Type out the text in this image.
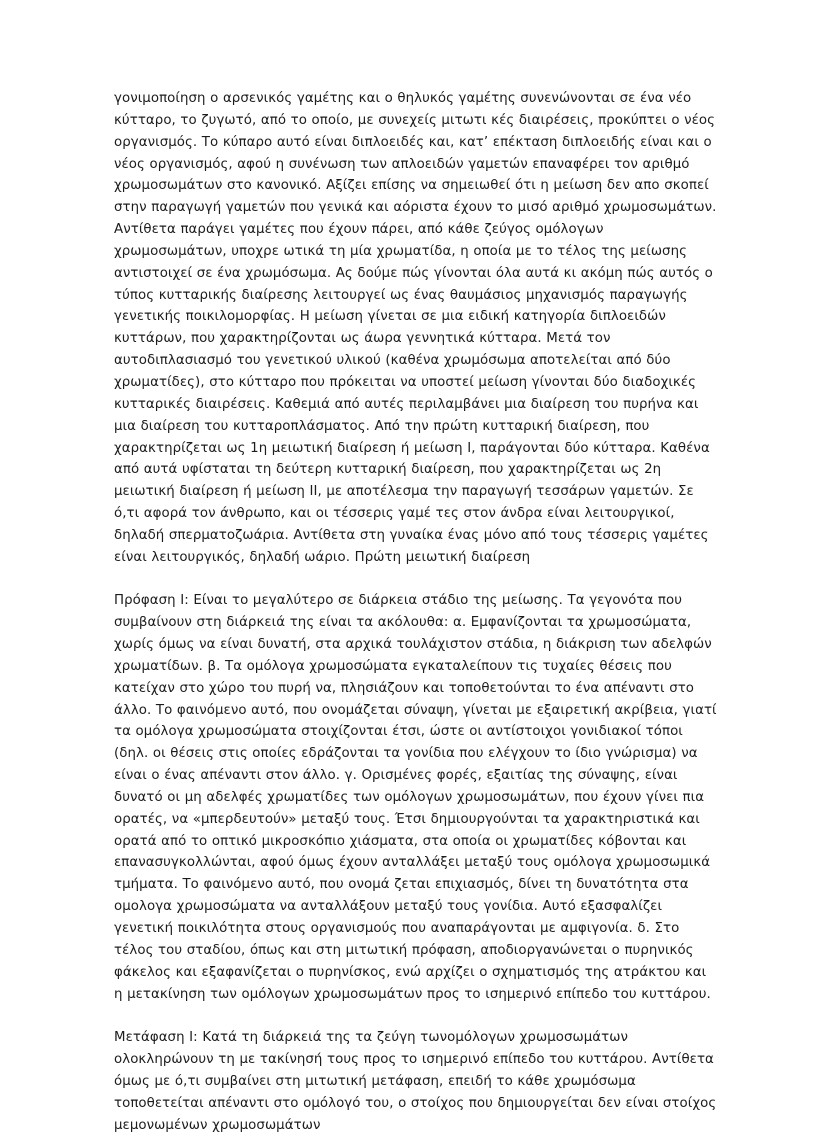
γονιμοποίηση ο αρσενικός γαμέτης και ο θηλυκός γαμέτης συνενώνονται σε ένα νέο κύτταρο, το ζυγωτό, από το οποίο, με συνεχείς μιτωτι κές διαιρέσεις, προκύπτει ο νέος οργανισμός. Το κύπαρο αυτό είναι διπλοειδές και, κατ’ επέκταση διπλοειδής είναι και ο νέος οργανισμός, αφού η συνένωση των απλοειδών γαμετών επαναφέρει τον αριθμό χρωμοσωμάτων στο κανονικό. Αξίζει επίσης να σημειωθεί ότι η μείωση δεν απο σκοπεί στην παραγωγή γαμετών που γενικά και αόριστα έχουν το μισό αριθμό χρωμοσωμάτων. Αντίθετα παράγει γαμέτες που έχουν πάρει, από κάθε ζεύγος ομόλογων χρωμοσωμάτων, υποχρε ωτικά τη μία χρωματίδα, η οποία με το τέλος της μείωσης αντιστοιχεί σε ένα χρωμόσωμα. Ας δούμε πώς γίνονται όλα αυτά κι ακόμη πώς αυτός ο τύπος κυτταρικής διαίρεσης λειτουργεί ως ένας θαυμάσιος μηχανισμός παραγωγής γενετικής ποικιλομορφίας. Η μείωση γίνεται σε μια ειδική κατηγορία διπλοειδών κυττάρων, που χαρακτηρίζονται ως άωρα γεννητικά κύτταρα. Μετά τον αυτοδιπλασιασμό του γενετικού υλικού (καθένα χρωμόσωμα αποτελείται από δύο χρωματίδες), στο κύτταρο που πρόκειται να υποστεί μείωση γίνονται δύο διαδοχικές κυτταρικές διαιρέσεις. Καθεμιά από αυτές περιλαμβάνει μια διαίρεση του πυρήνα και μια διαίρεση του κυτταροπλάσματος. Από την πρώτη κυτταρική διαίρεση, που χαρακτηρίζεται ως 1η μειωτική διαίρεση ή μείωση Ι, παράγονται δύο κύτταρα. Καθένα από αυτά υφίσταται τη δεύτερη κυτταρική διαίρεση, που χαρακτηρίζεται ως 2η μειωτική διαίρεση ή μείωση ΙΙ, με αποτέλεσμα την παραγωγή τεσσάρων γαμετών. Σε ό,τι αφορά τον άνθρωπο, και οι τέσσερις γαμέ τες στον άνδρα είναι λειτουργικοί, δηλαδή σπερματοζωάρια. Αντίθετα στη γυναίκα ένας μόνο από τους τέσσερις γαμέτες είναι λειτουργικός, δηλαδή ωάριο. Πρώτη μειωτική διαίρεση

Πρόφαση Ι: Είναι το μεγαλύτερο σε διάρκεια στάδιο της μείωσης. Τα γεγονότα που συμβαίνουν στη διάρκειά της είναι τα ακόλουθα: α. Εμφανίζονται τα χρωμοσώματα, χωρίς όμως να είναι δυνατή, στα αρχικά τουλάχιστον στάδια, η διάκριση των αδελφών χρωματίδων. β. Τα ομόλογα χρωμοσώματα εγκαταλείπουν τις τυχαίες θέσεις που κατείχαν στο χώρο του πυρή να, πλησιάζουν και τοποθετούνται το ένα απέναντι στο άλλο. Το φαινόμενο αυτό, που ονομάζεται σύναψη, γίνεται με εξαιρετική ακρίβεια, γιατί τα ομόλογα χρωμοσώματα στοιχίζονται έτσι, ώστε οι αντίστοιχοι γονιδιακοί τόποι (δηλ. οι θέσεις στις οποίες εδράζονται τα γονίδια που ελέγχουν το ίδιο γνώρισμα) να είναι ο ένας απέναντι στον άλλο. γ. Ορισμένες φορές, εξαιτίας της σύναψης, είναι δυνατό οι μη αδελφές χρωματίδες των ομόλογων χρωμοσωμάτων, που έχουν γίνει πια ορατές, να «μπερδευτούν» μεταξύ τους. Έτσι δημιουργούνται τα χαρακτηριστικά και ορατά από το οπτικό μικροσκόπιο χιάσματα, στα οποία οι χρωματίδες κόβονται και επανασυγκολλώνται, αφού όμως έχουν ανταλλάξει μεταξύ τους ομόλογα χρωμοσωμικά τμήματα. Το φαινόμενο αυτό, που ονομά ζεται επιχιασμός, δίνει τη δυνατότητα στα ομολογα χρωμοσώματα να ανταλλάξουν μεταξύ τους γονίδια. Αυτό εξασφαλίζει γενετική ποικιλότητα στους οργανισμούς που αναπαράγονται με αμφιγονία. δ. Στο τέλος του σταδίου, όπως και στη μιτωτική πρόφαση, αποδιοργανώνεται ο πυρηνικός φάκελος και εξαφανίζεται ο πυρηνίσκος, ενώ αρχίζει ο σχηματισμός της ατράκτου και η μετακίνηση των ομόλογων χρωμοσωμάτων προς το ισημερινό επίπεδο του κυττάρου.

Μετάφαση Ι: Κατά τη διάρκειά της τα ζεύγη τωνομόλογων χρωμοσωμάτων ολοκληρώνουν τη με τακίνησή τους προς το ισημερινό επίπεδο του κυττάρου. Αντίθετα όμως με ό,τι συμβαίνει στη μιτωτική μετάφαση, επειδή το κάθε χρωμόσωμα τοποθετείται απέναντι στο ομόλογό του, ο στοίχος που δημιουργείται δεν είναι στοίχος μεμονωμένων χρωμοσωμάτων
